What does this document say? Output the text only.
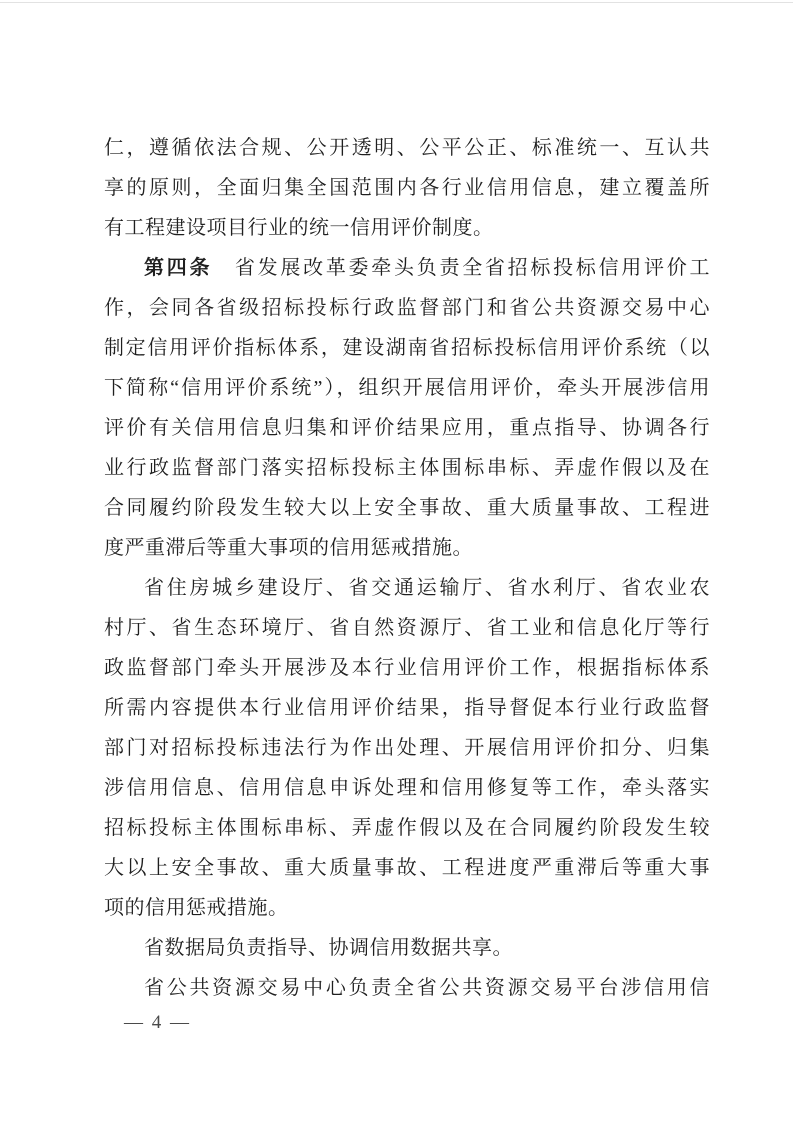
仁，遵循依法合规、公开透明、公平公正、标准统一、互认共
享的原则，全面归集全国范围内各行业信用信息，建立覆盖所
有工程建设项目行业的统一信用评价制度。
第四条　省发展改革委牵头负责全省招标投标信用评价工
作，会同各省级招标投标行政监督部门和省公共资源交易中心
制定信用评价指标体系，建设湖南省招标投标信用评价系统（以
下简称“信用评价系统”），组织开展信用评价，牵头开展涉信用
评价有关信用信息归集和评价结果应用，重点指导、协调各行
业行政监督部门落实招标投标主体围标串标、弄虚作假以及在
合同履约阶段发生较大以上安全事故、重大质量事故、工程进
度严重滞后等重大事项的信用惩戒措施。
省住房城乡建设厅、省交通运输厅、省水利厅、省农业农
村厅、省生态环境厅、省自然资源厅、省工业和信息化厅等行
政监督部门牵头开展涉及本行业信用评价工作，根据指标体系
所需内容提供本行业信用评价结果，指导督促本行业行政监督
部门对招标投标违法行为作出处理、开展信用评价扣分、归集
涉信用信息、信用信息申诉处理和信用修复等工作，牵头落实
招标投标主体围标串标、弄虚作假以及在合同履约阶段发生较
大以上安全事故、重大质量事故、工程进度严重滞后等重大事
项的信用惩戒措施。
省数据局负责指导、协调信用数据共享。
省公共资源交易中心负责全省公共资源交易平台涉信用信
— 4 —
